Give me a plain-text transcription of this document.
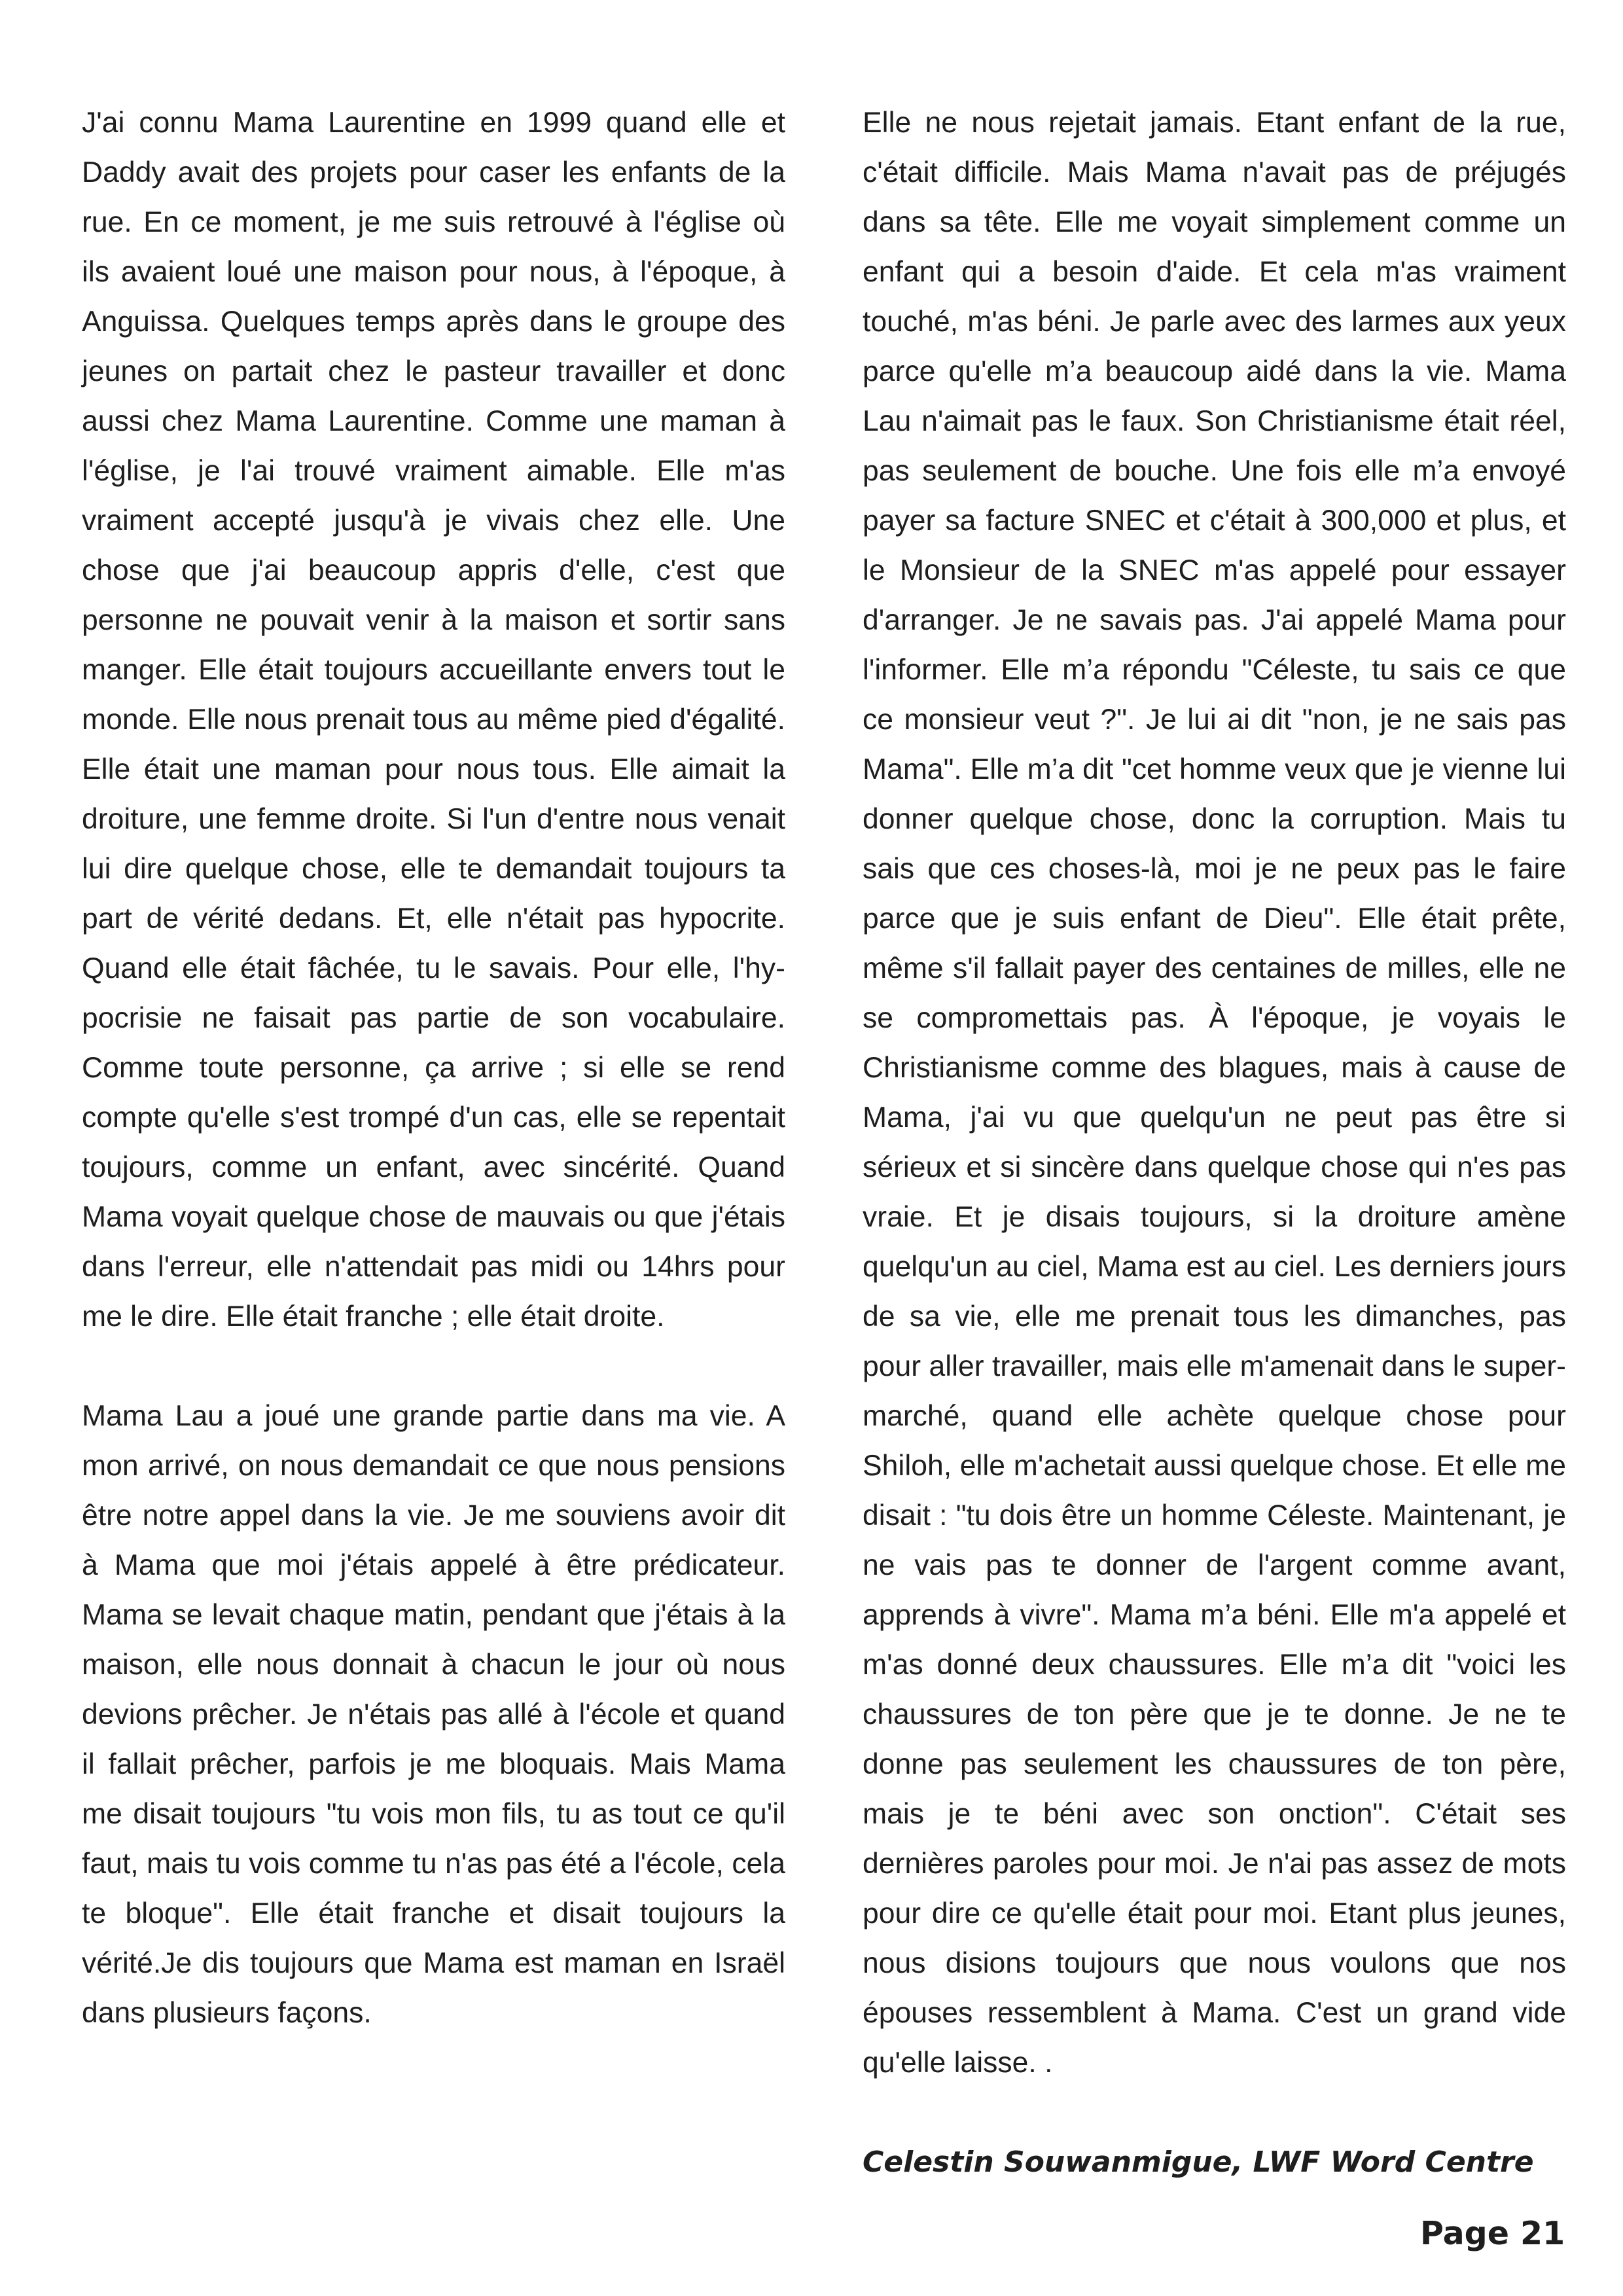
J'ai connu Mama Laurentine en 1999 quand elle et Daddy avait des projets pour caser les enfants de la rue. En ce moment, je me suis retrouvé à l'église où ils avaient loué une maison pour nous, à l'époque, à Anguissa. Quelques temps après dans le groupe des jeunes on partait chez le pasteur travailler et donc aussi chez Mama Laurentine. Comme une maman à l'église, je l'ai trouvé vraiment aimable. Elle m'as vraiment accepté jusqu'à je vivais chez elle. Une chose que j'ai beaucoup appris d'elle, c'est que personne ne pouvait venir à la maison et sortir sans manger. Elle était toujours accueillante envers tout le monde. Elle nous prenait tous au même pied d'égalité. Elle était une maman pour nous tous. Elle aimait la droiture, une femme droite. Si l'un d'entre nous venait lui dire quelque chose, elle te demandait toujours ta part de vérité dedans. Et, elle n'était pas hypocrite. Quand elle était fâchée, tu le savais. Pour elle, l'hypocrisie ne faisait pas partie de son vocabulaire. Comme toute personne, ça arrive ; si elle se rend compte qu'elle s'est trompé d'un cas, elle se repentait toujours, comme un enfant, avec sincérité. Quand Mama voyait quelque chose de mauvais ou que j'étais dans l'erreur, elle n'attendait pas midi ou 14hrs pour me le dire. Elle était franche ; elle était droite.

Mama Lau a joué une grande partie dans ma vie. A mon arrivé, on nous demandait ce que nous pensions être notre appel dans la vie. Je me souviens avoir dit à Mama que moi j'étais appelé à être prédicateur. Mama se levait chaque matin, pendant que j'étais à la maison, elle nous donnait à chacun le jour où nous devions prêcher. Je n'étais pas allé à l'école et quand il fallait prêcher, parfois je me bloquais. Mais Mama me disait toujours "tu vois mon fils, tu as tout ce qu'il faut, mais tu vois comme tu n'as pas été a l'école, cela te bloque". Elle était franche et disait toujours la vérité.Je dis toujours que Mama est maman en Israël dans plusieurs façons.

Elle ne nous rejetait jamais. Etant enfant de la rue, c'était difficile. Mais Mama n'avait pas de préjugés dans sa tête. Elle me voyait simplement comme un enfant qui a besoin d'aide. Et cela m'as vraiment touché, m'as béni. Je parle avec des larmes aux yeux parce qu'elle m’a beaucoup aidé dans la vie. Mama Lau n'aimait pas le faux. Son Christianisme était réel, pas seulement de bouche. Une fois elle m’a envoyé payer sa facture SNEC et c'était à 300,000 et plus, et le Monsieur de la SNEC m'as appelé pour essayer d'arranger. Je ne savais pas. J'ai appelé Mama pour l'informer. Elle m’a répondu "Céleste, tu sais ce que ce monsieur veut ?". Je lui ai dit "non, je ne sais pas Mama". Elle m’a dit "cet homme veux que je vienne lui donner quelque chose, donc la corruption. Mais tu sais que ces choses-là, moi je ne peux pas le faire parce que je suis enfant de Dieu". Elle était prête, même s'il fallait payer des centaines de milles, elle ne se compromettais pas. À l'époque, je voyais le Christianisme comme des blagues, mais à cause de Mama, j'ai vu que quelqu'un ne peut pas être si sérieux et si sincère dans quelque chose qui n'es pas vraie. Et je disais toujours, si la droiture amène quelqu'un au ciel, Mama est au ciel. Les derniers jours de sa vie, elle me prenait tous les dimanches, pas pour aller travailler, mais elle m'amenait dans le supermarché, quand elle achète quelque chose pour Shiloh, elle m'achetait aussi quelque chose. Et elle me disait : "tu dois être un homme Céleste. Maintenant, je ne vais pas te donner de l'argent comme avant, apprends à vivre". Mama m’a béni. Elle m'a appelé et m'as donné deux chaussures. Elle m’a dit "voici les chaussures de ton père que je te donne. Je ne te donne pas seulement les chaussures de ton père, mais je te béni avec son onction". C'était ses dernières paroles pour moi. Je n'ai pas assez de mots pour dire ce qu'elle était pour moi. Etant plus jeunes, nous disions toujours que nous voulons que nos épouses ressemblent à Mama. C'est un grand vide qu'elle laisse. .

Celestin Souwanmigue, LWF Word Centre

Page 21
